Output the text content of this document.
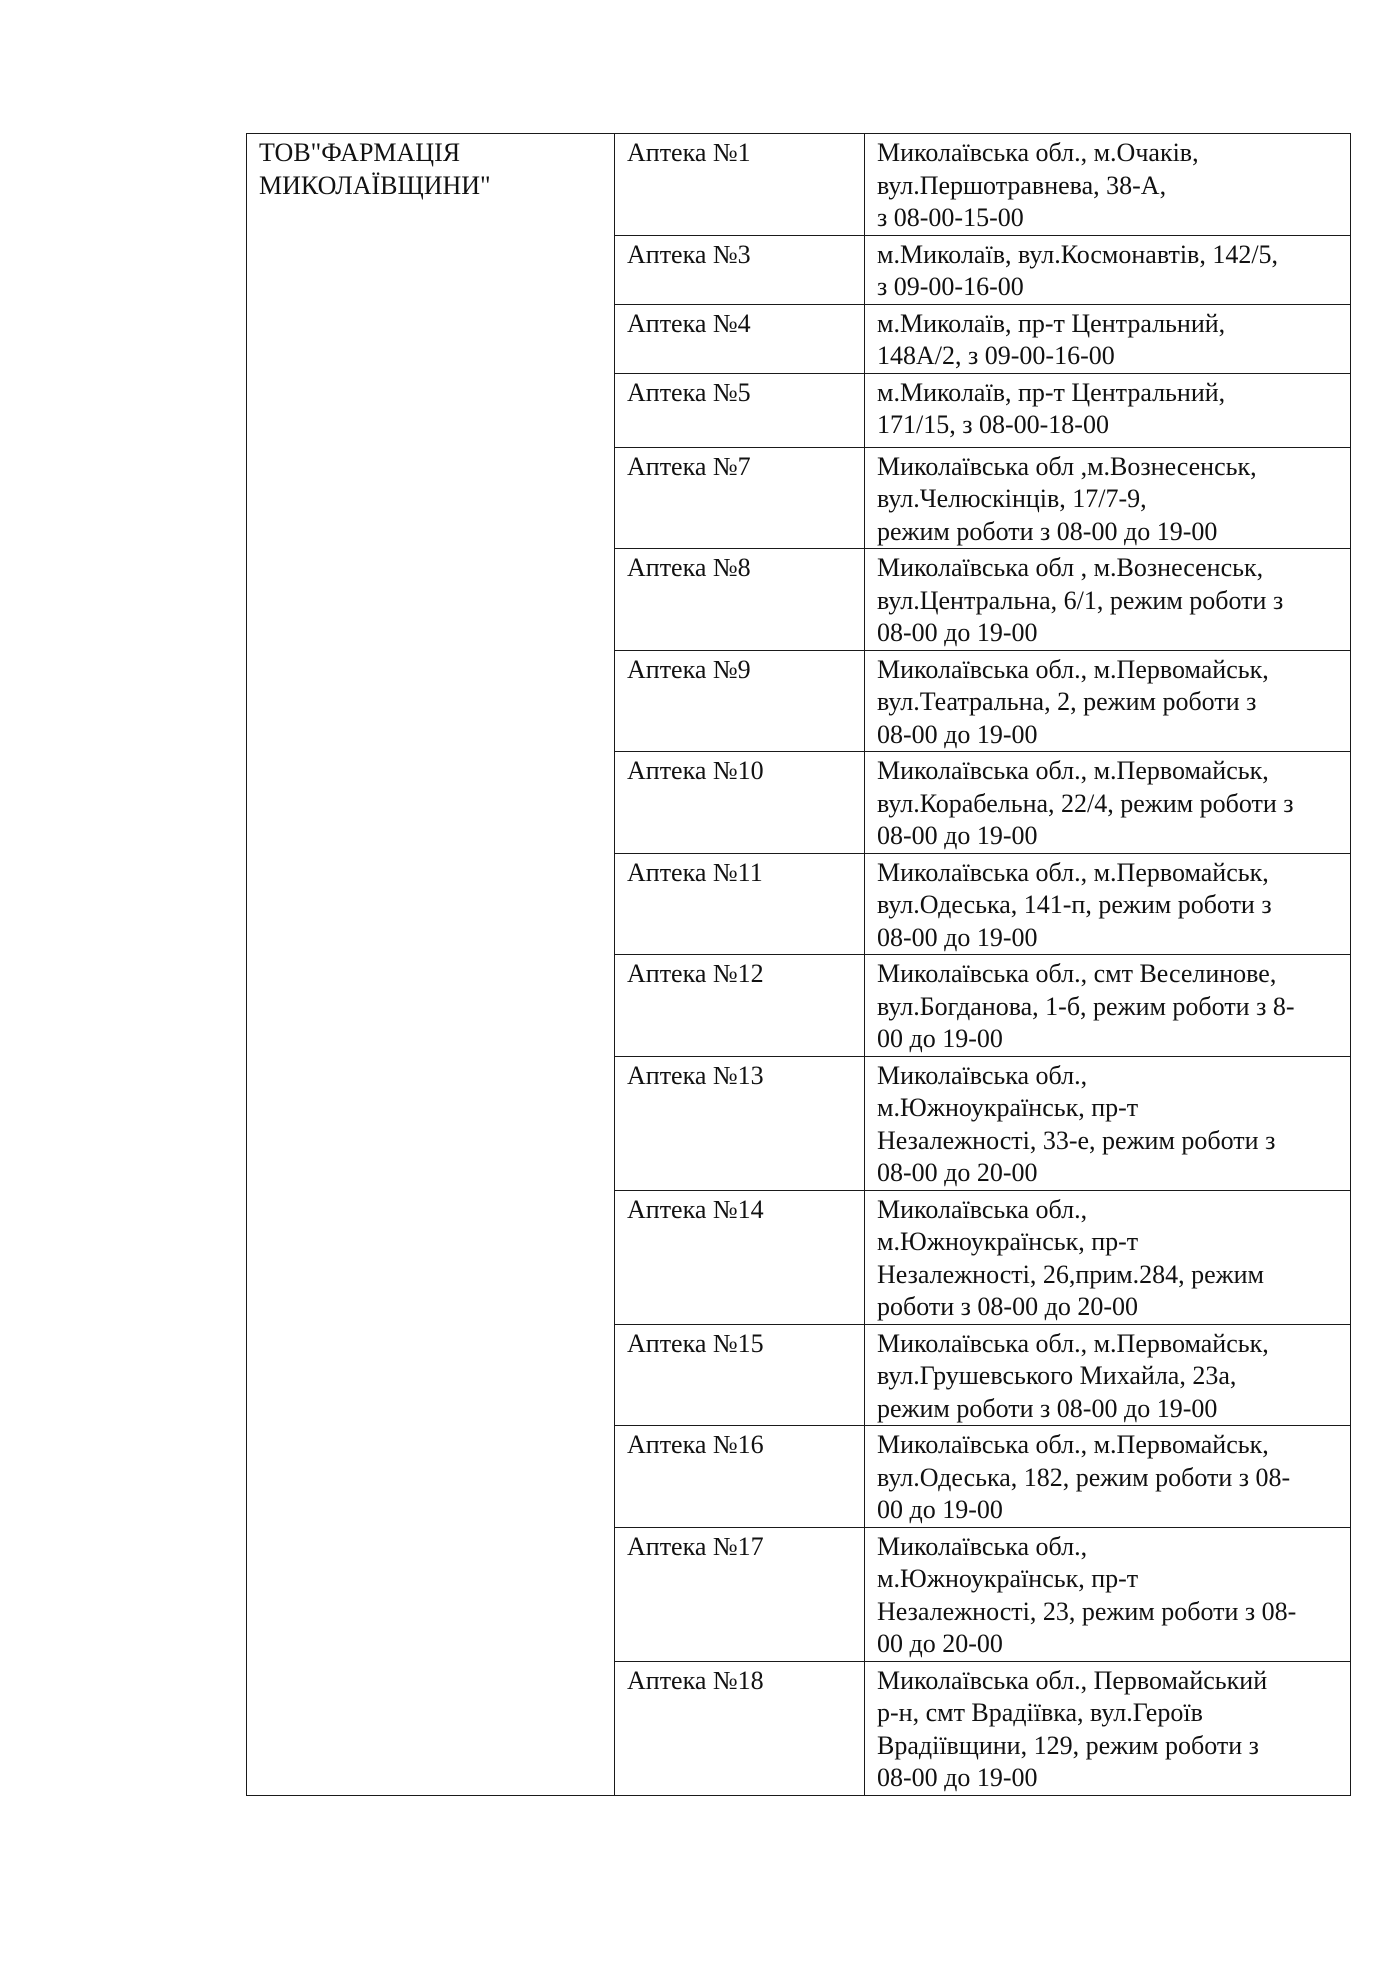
ТОВ"ФАРМАЦІЯ
МИКОЛАЇВЩИНИ"	Аптека №1	Миколаївська обл., м.Очаків,
вул.Першотравнева, 38-А,
з 08-00-15-00

	Аптека №3	м.Миколаїв, вул.Космонавтів, 142/5,
з 09-00-16-00

	Аптека №4	м.Миколаїв, пр-т Центральний,
148А/2, з 09-00-16-00

	Аптека №5	м.Миколаїв, пр-т Центральний,
171/15, з 08-00-18-00

	Аптека №7	Миколаївська обл ,м.Вознесенськ,
вул.Челюскінців, 17/7-9,
режим роботи з 08-00 до 19-00

	Аптека №8	Миколаївська обл , м.Вознесенськ,
вул.Центральна, 6/1, режим роботи з
08-00 до 19-00

	Аптека №9	Миколаївська обл., м.Первомайськ,
вул.Театральна, 2, режим роботи з
08-00 до 19-00

	Аптека №10	Миколаївська обл., м.Первомайськ,
вул.Корабельна, 22/4, режим роботи з
08-00 до 19-00

	Аптека №11	Миколаївська обл., м.Первомайськ,
вул.Одеська, 141-п, режим роботи з
08-00 до 19-00

	Аптека №12	Миколаївська обл., смт Веселинове,
вул.Богданова, 1-б, режим роботи з 8-
00 до 19-00

	Аптека №13	Миколаївська обл.,
м.Южноукраїнськ, пр-т
Незалежності, 33-е, режим роботи з
08-00 до 20-00

	Аптека №14	Миколаївська обл.,
м.Южноукраїнськ, пр-т
Незалежності, 26,прим.284, режим
роботи з 08-00 до 20-00

	Аптека №15	Миколаївська обл., м.Первомайськ,
вул.Грушевського Михайла, 23а,
режим роботи з 08-00 до 19-00

	Аптека №16	Миколаївська обл., м.Первомайськ,
вул.Одеська, 182, режим роботи з 08-
00 до 19-00

	Аптека №17	Миколаївська обл.,
м.Южноукраїнськ, пр-т
Незалежності, 23, режим роботи з 08-
00 до 20-00

	Аптека №18	Миколаївська обл., Первомайський
р-н, смт Врадіївка, вул.Героїв
Врадіївщини, 129, режим роботи з
08-00 до 19-00
